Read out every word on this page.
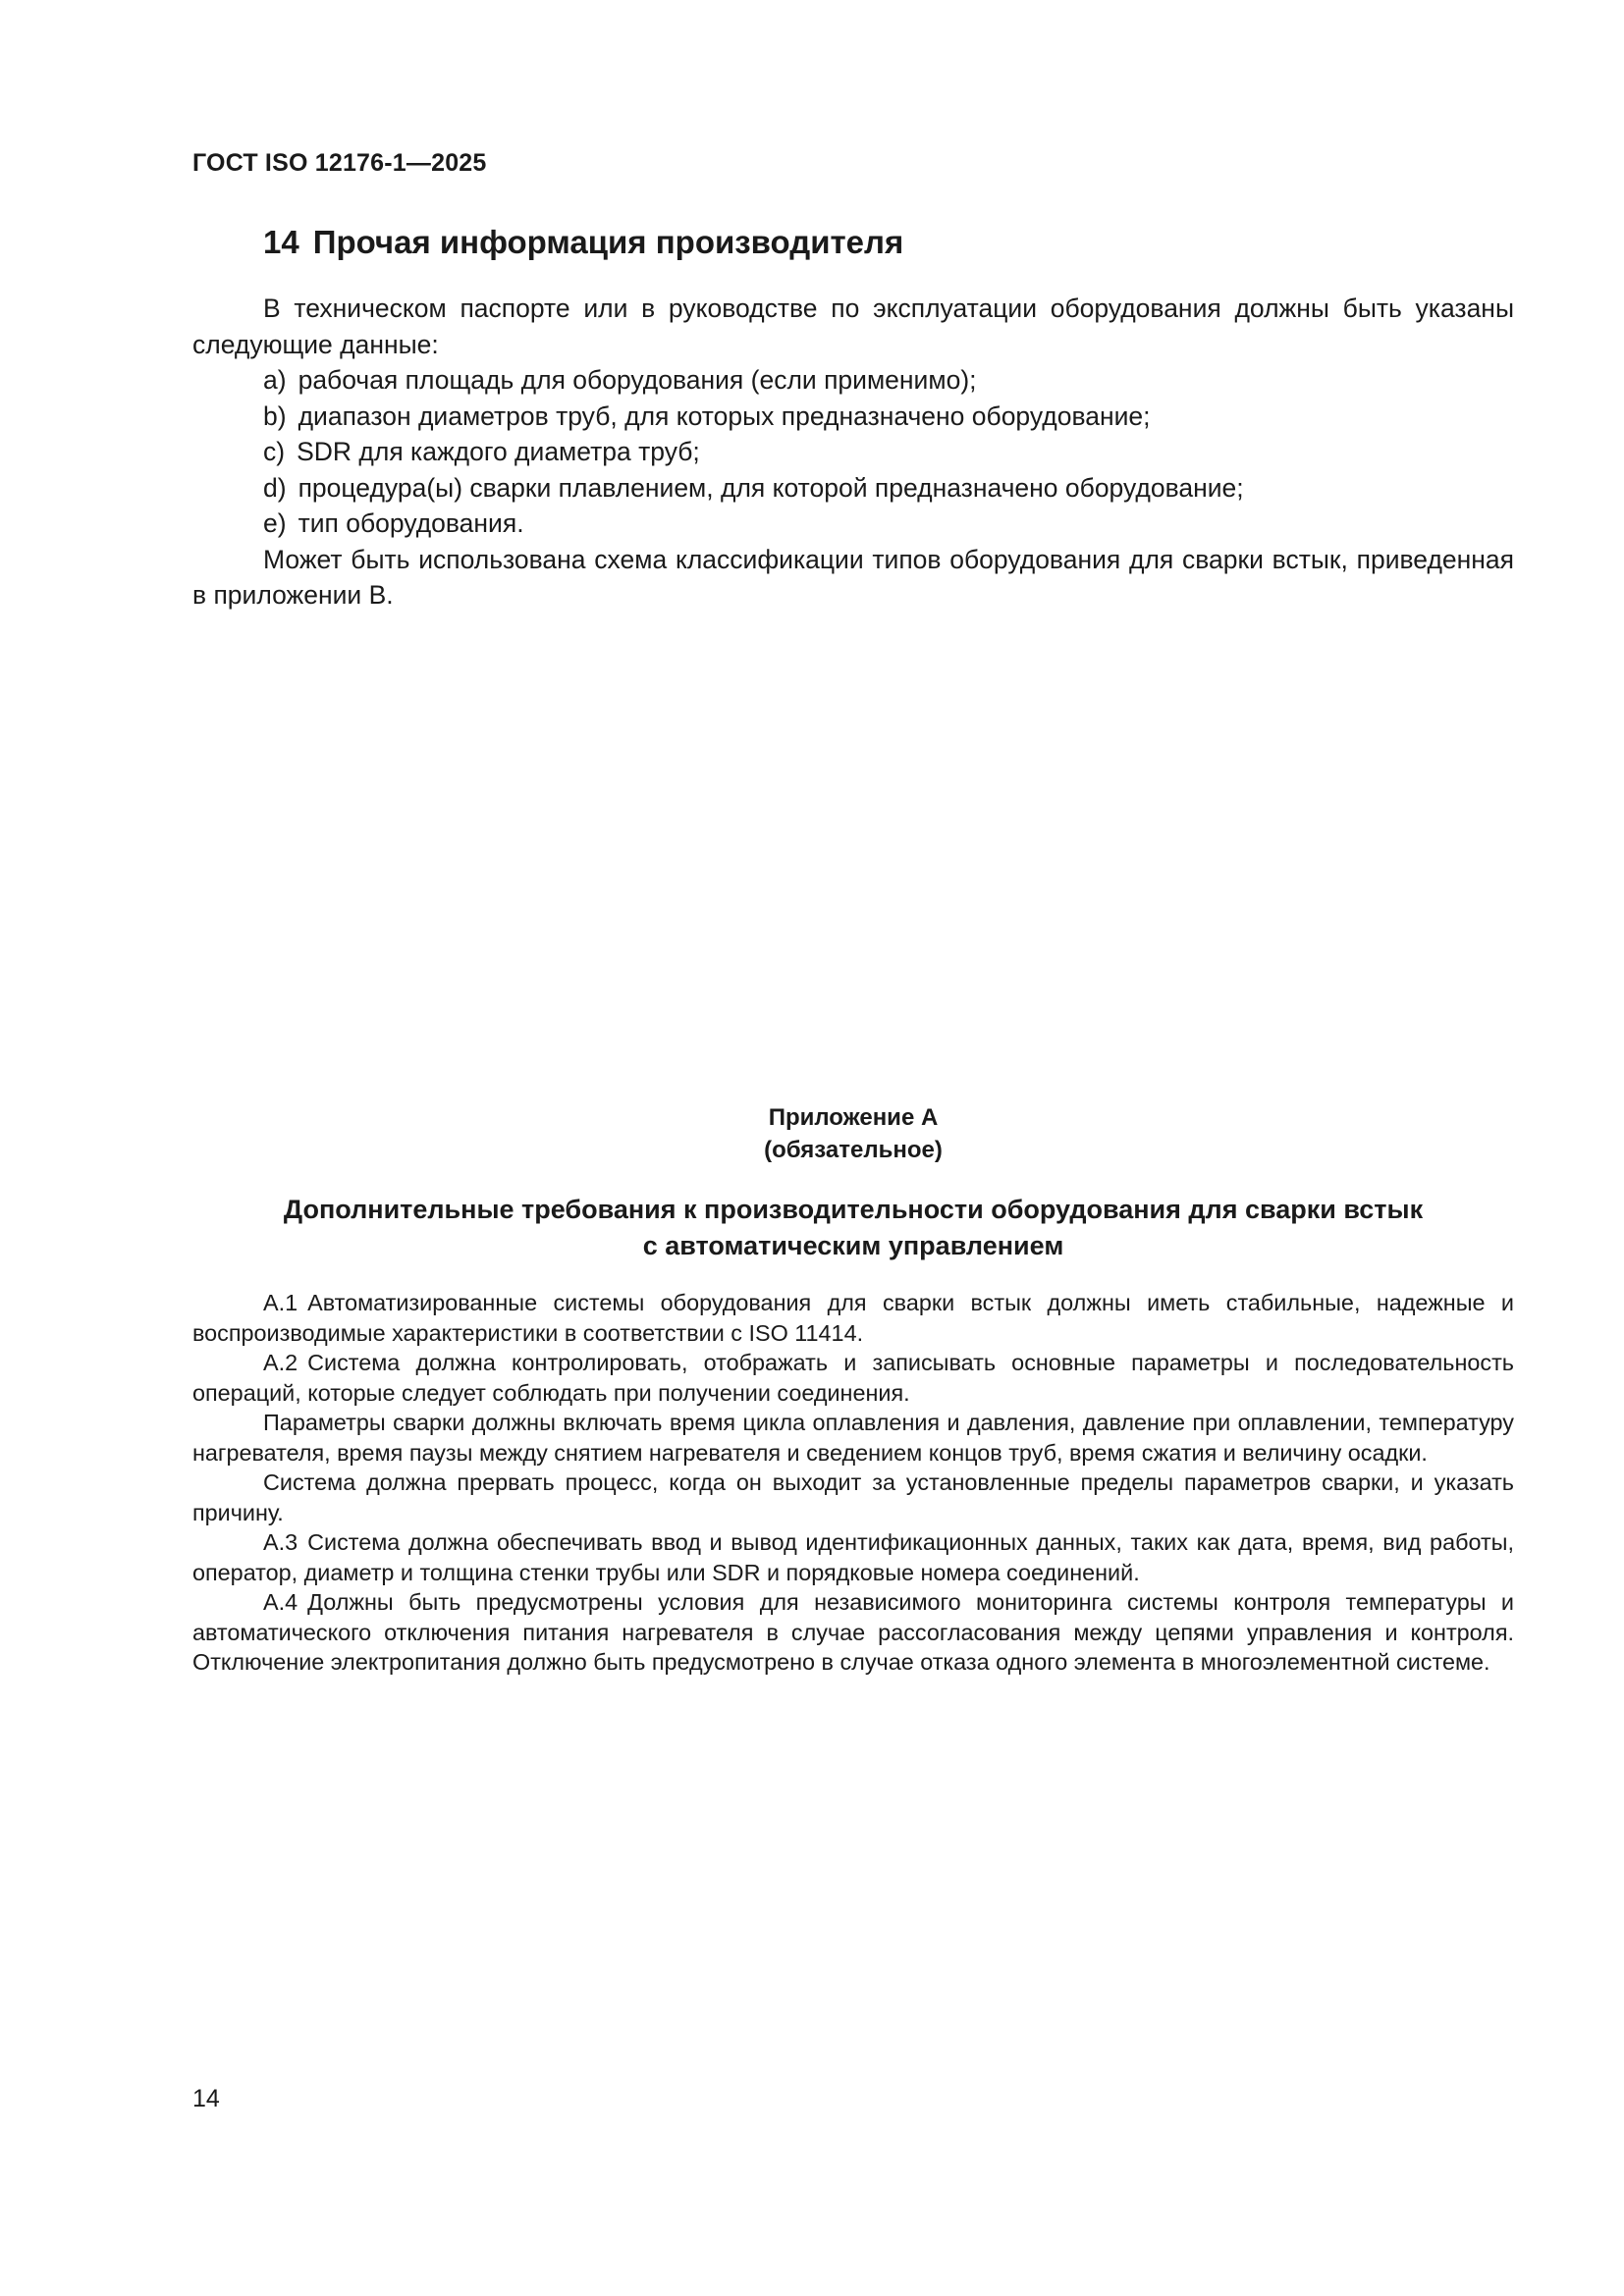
ГОСТ ISO 12176-1—2025
14 Прочая информация производителя

В техническом паспорте или в руководстве по эксплуатации оборудования должны быть указаны следующие данные:

a) рабочая площадь для оборудования (если применимо);

b) диапазон диаметров труб, для которых предназначено оборудование;

c) SDR для каждого диаметра труб;

d) процедура(ы) сварки плавлением, для которой предназначено оборудование;

e) тип оборудования.

Может быть использована схема классификации типов оборудования для сварки встык, приведенная в приложении В.

Приложение А
(обязательное)
Дополнительные требования к производительности оборудования для сварки встык
с автоматическим управлением

А.1 Автоматизированные системы оборудования для сварки встык должны иметь стабильные, надежные и воспроизводимые характеристики в соответствии с ISO 11414.

А.2 Система должна контролировать, отображать и записывать основные параметры и последовательность операций, которые следует соблюдать при получении соединения.

Параметры сварки должны включать время цикла оплавления и давления, давление при оплавлении, температуру нагревателя, время паузы между снятием нагревателя и сведением концов труб, время сжатия и величину осадки.

Система должна прервать процесс, когда он выходит за установленные пределы параметров сварки, и указать причину.

А.3 Система должна обеспечивать ввод и вывод идентификационных данных, таких как дата, время, вид работы, оператор, диаметр и толщина стенки трубы или SDR и порядковые номера соединений.

А.4 Должны быть предусмотрены условия для независимого мониторинга системы контроля температуры и автоматического отключения питания нагревателя в случае рассогласования между цепями управления и контроля. Отключение электропитания должно быть предусмотрено в случае отказа одного элемента в многоэлементной системе.

14
